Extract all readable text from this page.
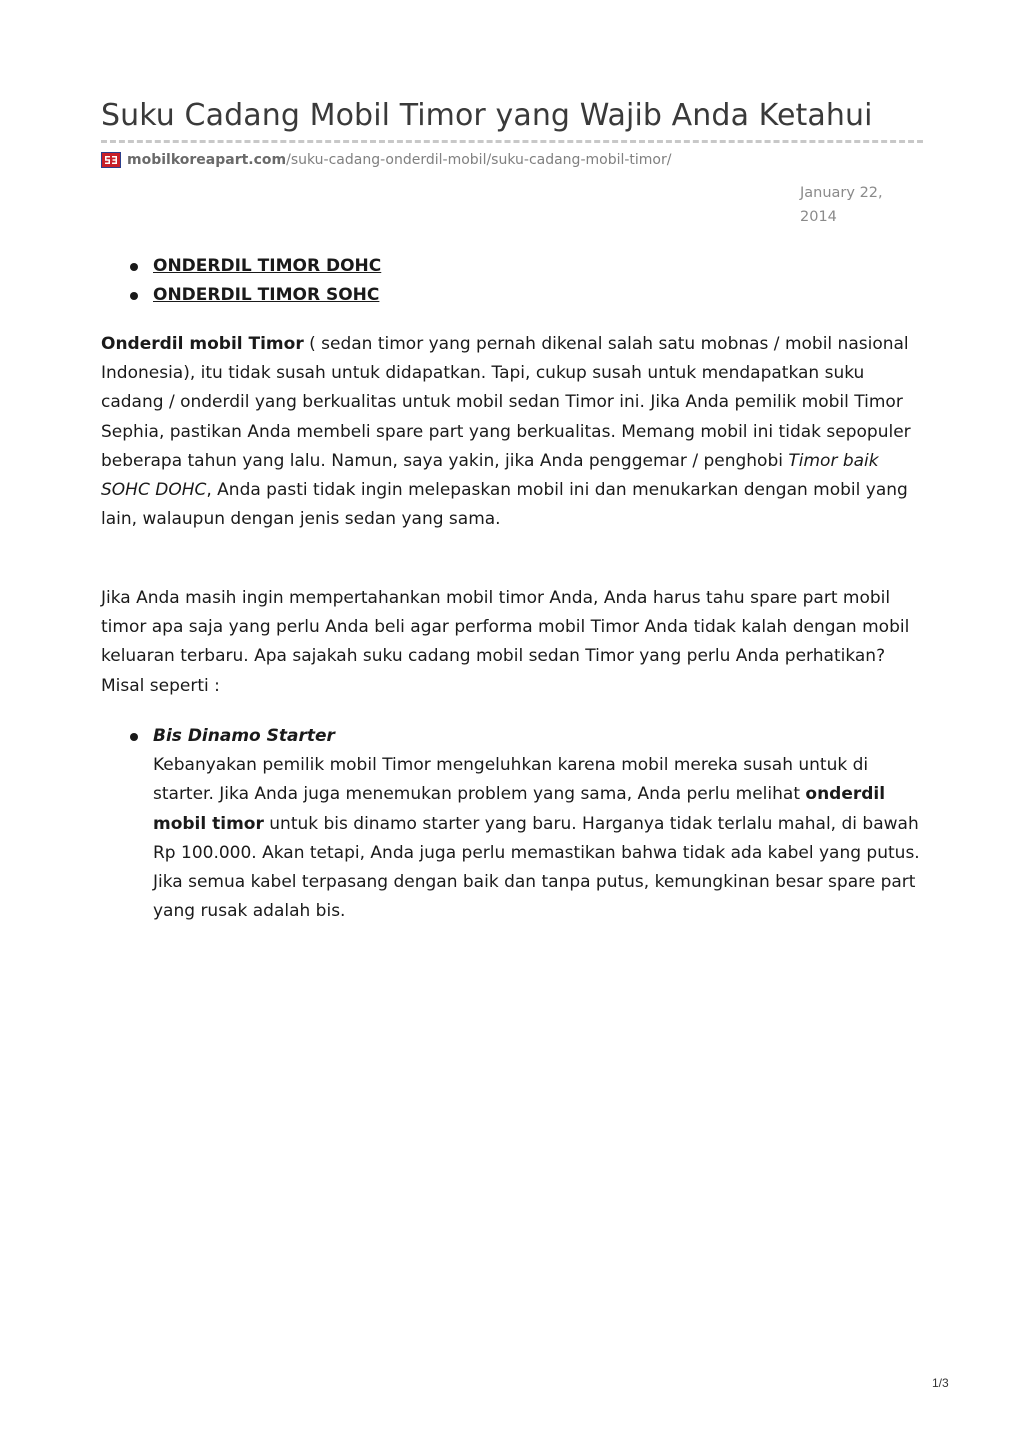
Suku Cadang Mobil Timor yang Wajib Anda Ketahui
mobilkoreapart.com /suku-cadang-onderdil-mobil/suku-cadang-mobil-timor/
January 22, 2014
ONDERDIL TIMOR DOHC
ONDERDIL TIMOR SOHC

Onderdil mobil Timor ( sedan timor yang pernah dikenal salah satu mobnas / mobil nasional Indonesia), itu tidak susah untuk didapatkan. Tapi, cukup susah untuk mendapatkan suku cadang / onderdil yang berkualitas untuk mobil sedan Timor ini. Jika Anda pemilik mobil Timor Sephia, pastikan Anda membeli spare part yang berkualitas. Memang mobil ini tidak sepopuler beberapa tahun yang lalu. Namun, saya yakin, jika Anda penggemar / penghobi Timor baik SOHC DOHC, Anda pasti tidak ingin melepaskan mobil ini dan menukarkan dengan mobil yang lain, walaupun dengan jenis sedan yang sama.

Jika Anda masih ingin mempertahankan mobil timor Anda, Anda harus tahu spare part mobil timor apa saja yang perlu Anda beli agar performa mobil Timor Anda tidak kalah dengan mobil keluaran terbaru. Apa sajakah suku cadang mobil sedan Timor yang perlu Anda perhatikan? Misal seperti :

Bis Dinamo Starter
Kebanyakan pemilik mobil Timor mengeluhkan karena mobil mereka susah untuk di starter. Jika Anda juga menemukan problem yang sama, Anda perlu melihat onderdil mobil timor untuk bis dinamo starter yang baru. Harganya tidak terlalu mahal, di bawah Rp 100.000. Akan tetapi, Anda juga perlu memastikan bahwa tidak ada kabel yang putus. Jika semua kabel terpasang dengan baik dan tanpa putus, kemungkinan besar spare part yang rusak adalah bis.
1/3
